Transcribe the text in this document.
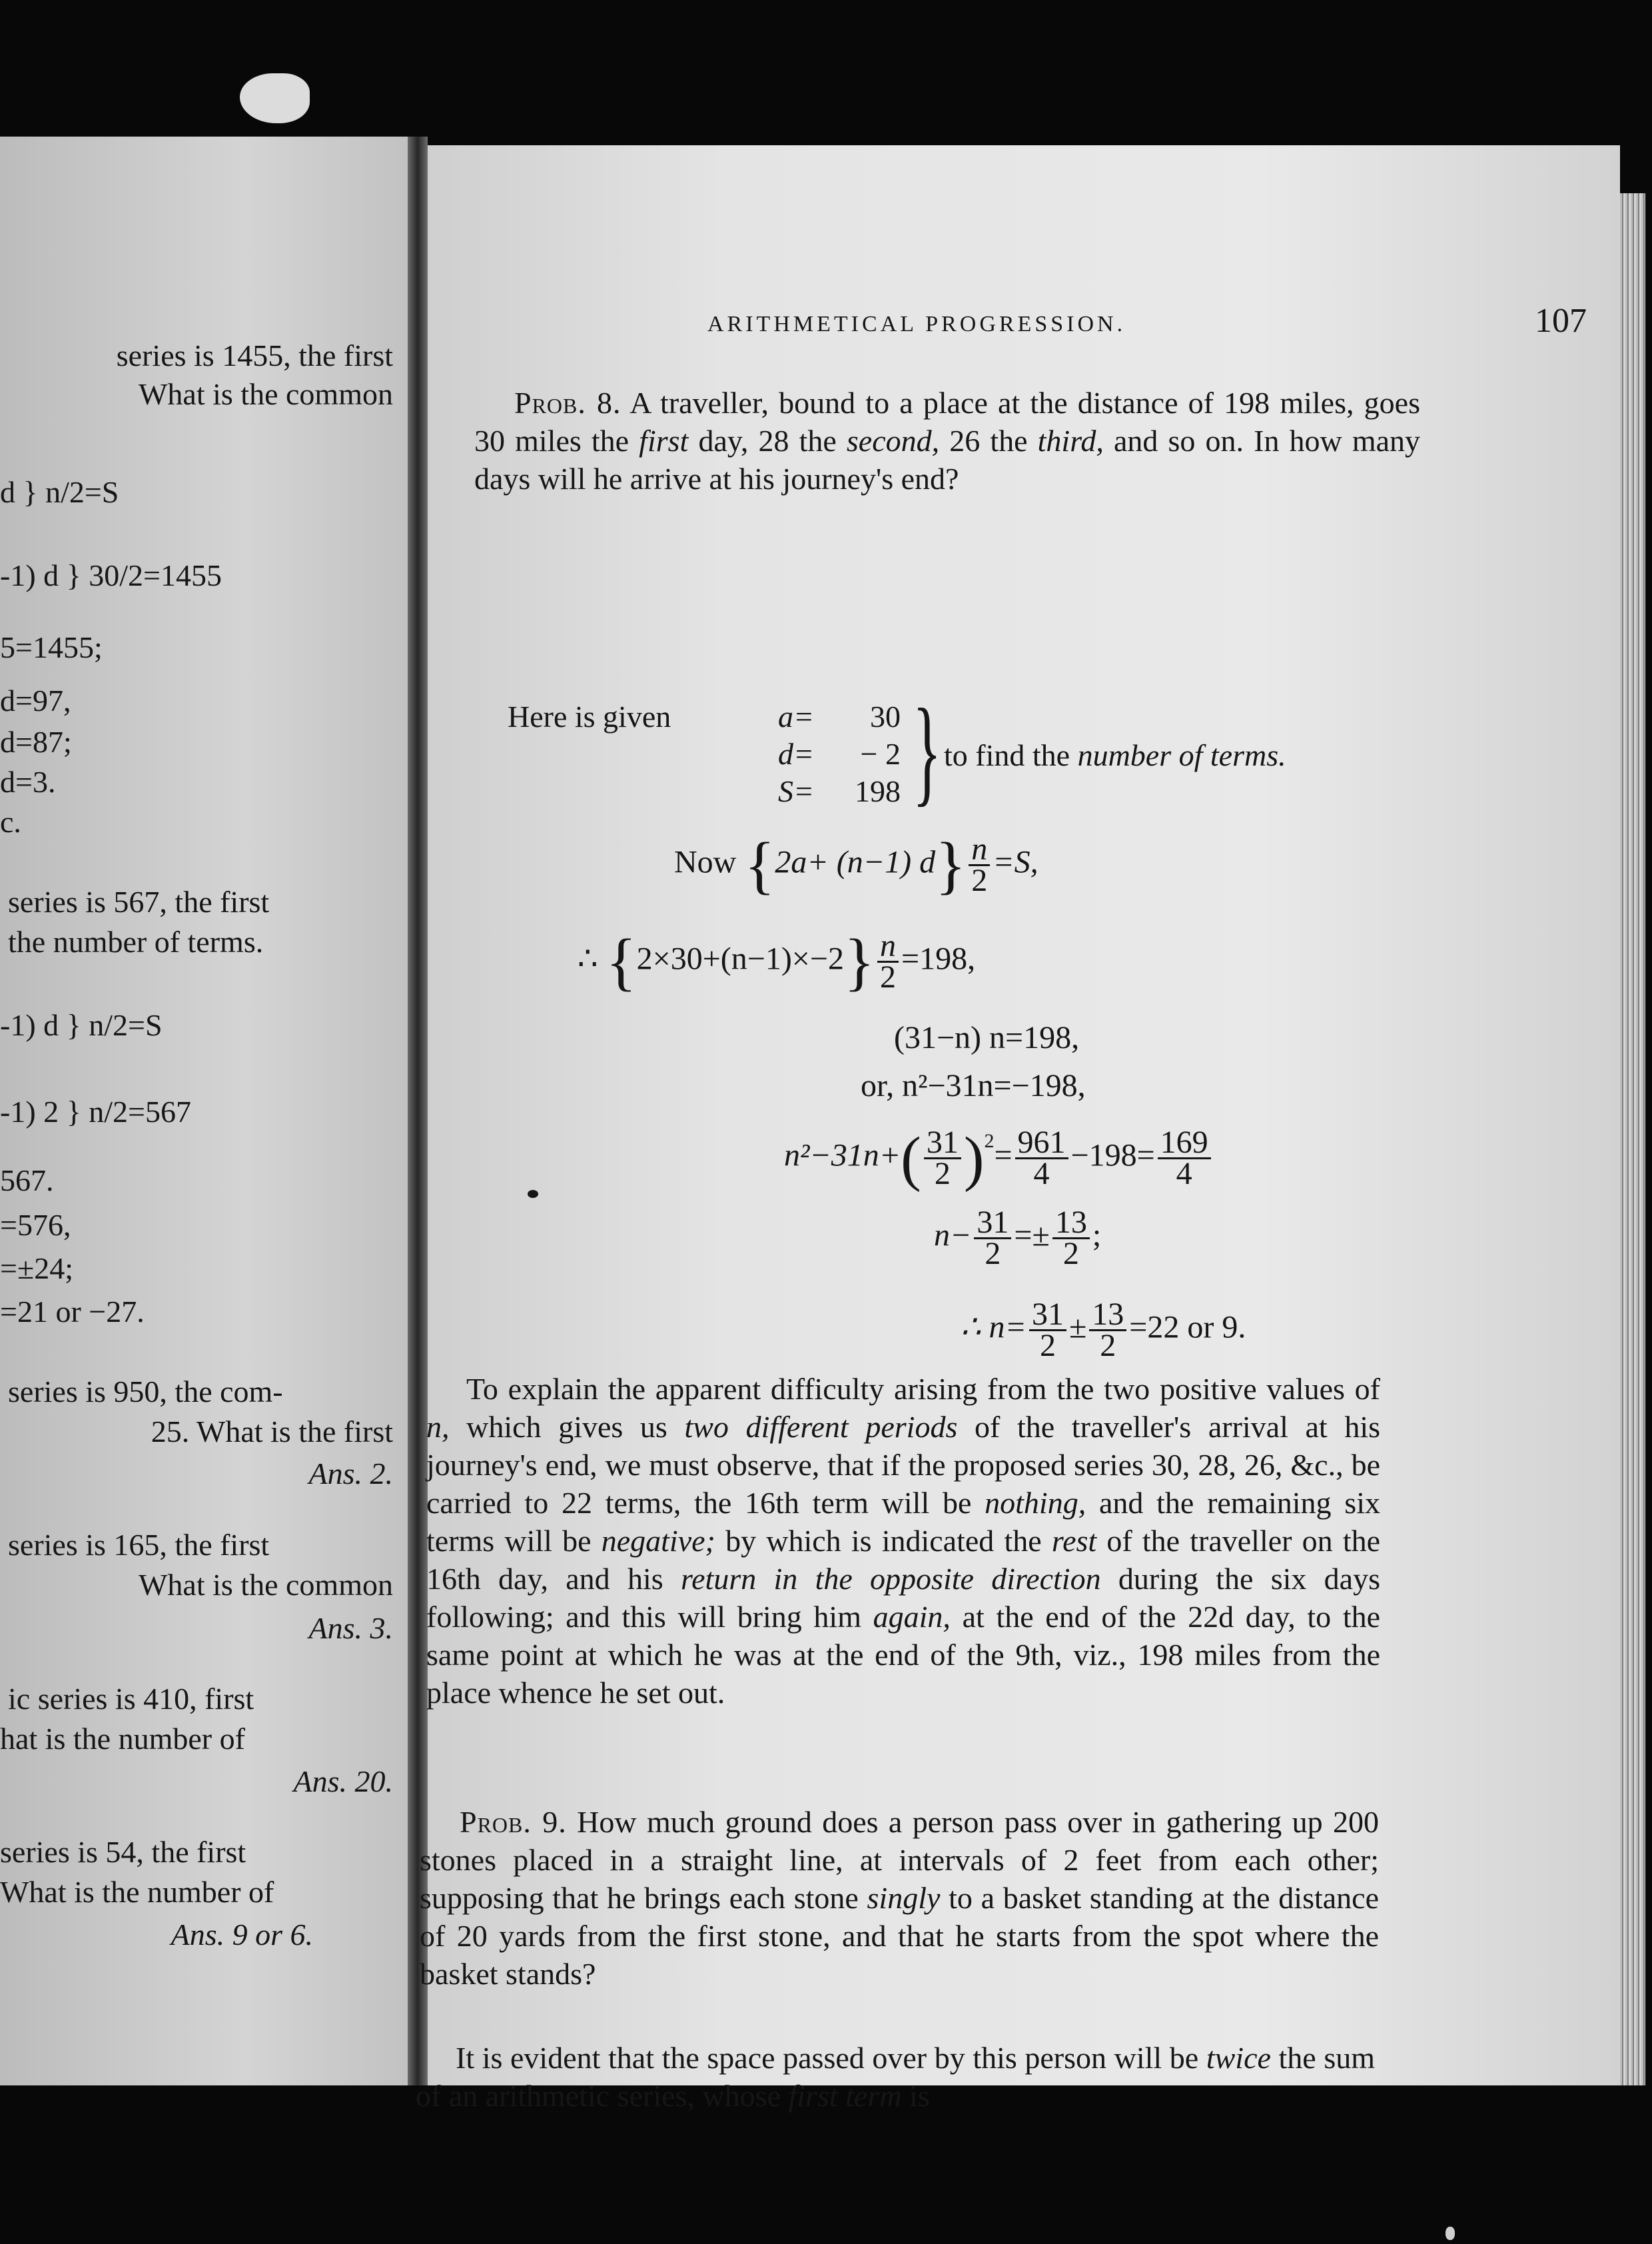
series is 1455, the first
What is the common
d } n/2=S
-1) d } 30/2=1455
5=1455;
d=97,
d=87;
d=3.
c.
series is 567, the first
the number of terms.
-1) d } n/2=S
-1) 2 } n/2=567
567.
=576,
=±24;
=21 or −27.
series is 950, the com-
25. What is the first
Ans. 2.
series is 165, the first
What is the common
Ans. 3.
ic series is 410, first
hat is the number of
Ans. 20.
series is 54, the first
What is the number of
Ans. 9 or 6.
ARITHMETICAL PROGRESSION.	107

Prob. 8. A traveller, bound to a place at the distance of 198 miles, goes 30 miles the first day, 28 the second, 26 the third, and so on. In how many days will he arrive at his journey's end?

Here is given	a=
d=
S=
30
− 2
198 } to find the number of terms.
Now {2a+ (n−1) $d\} \frac{n}{2} =S$,
∴ $\{2\times 30+(n-1)\times-2\} \frac{n}{2} =198$,
(31−n) n=198,
or, n²−31n=−198,
$n^2-31n+( \frac{31}{2} )^2= \frac{961}{4} -198= \frac{169}{4}$
$n- \frac{31}{2} =\pm \frac{13}{2}$ ;
∴ $n= \frac{31}{2} \pm \frac{13}{2} =22$ or 9.

To explain the apparent difficulty arising from the two positive values of n, which gives us two different periods of the traveller's arrival at his journey's end, we must observe, that if the proposed series 30, 28, 26, &c., be carried to 22 terms, the 16th term will be nothing, and the remaining six terms will be negative; by which is indicated the rest of the traveller on the 16th day, and his return in the opposite direction during the six days following; and this will bring him again, at the end of the 22d day, to the same point at which he was at the end of the 9th, viz., 198 miles from the place whence he set out.

Prob. 9. How much ground does a person pass over in gathering up 200 stones placed in a straight line, at intervals of 2 feet from each other; supposing that he brings each stone singly to a basket standing at the distance of 20 yards from the first stone, and that he starts from the spot where the basket stands?

It is evident that the space passed over by this person will be twice the sum of an arithmetic series, whose first term is
